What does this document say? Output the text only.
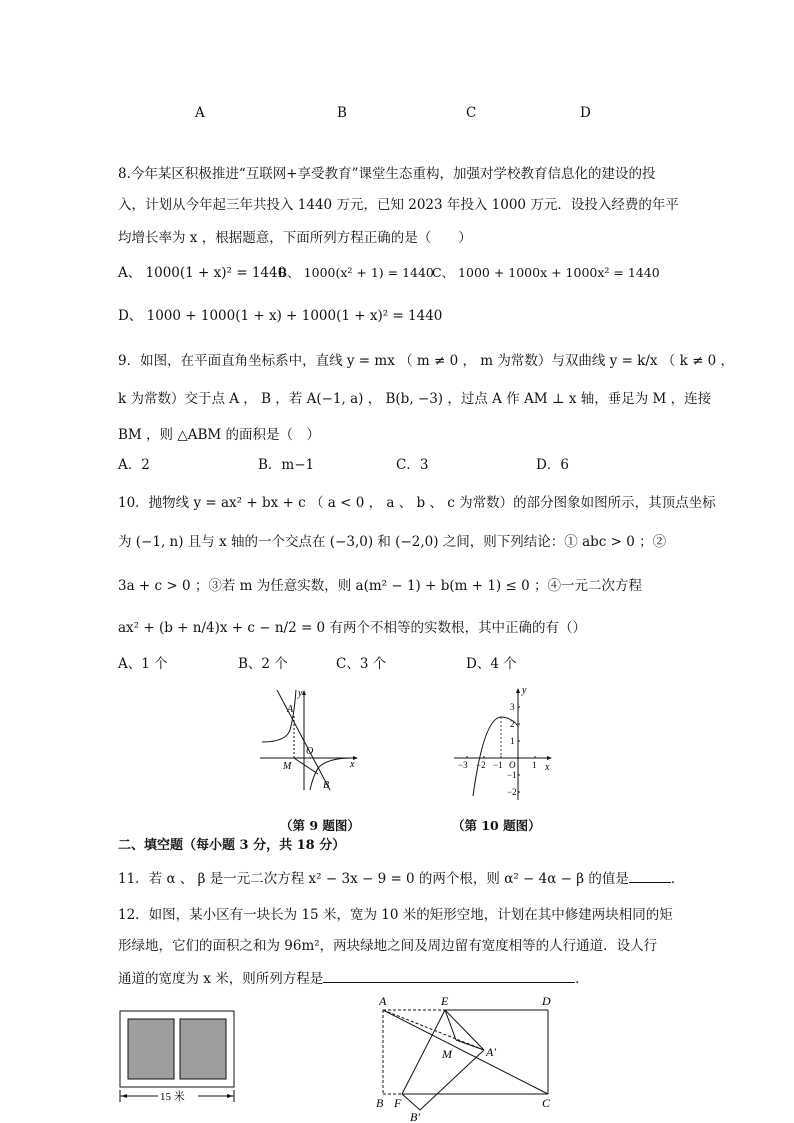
A	B	C	D
8.今年某区积极推进“互联网+享受教育”课堂生态重构，加强对学校教育信息化的建设的投
入，计划从今年起三年共投入 1440 万元，已知 2023 年投入 1000 万元．设投入经费的年平
均增长率为 x ，根据题意，下面所列方程正确的是（　　）
A、 1000(1 + x)² = 1440
B、 1000(x² + 1) = 1440
C、 1000 + 1000x + 1000x² = 1440
D、 1000 + 1000(1 + x) + 1000(1 + x)² = 1440
9．如图，在平面直角坐标系中，直线 y = mx （ m ≠ 0 ， m 为常数）与双曲线 y = k/x （ k ≠ 0 ，
k 为常数）交于点 A ， B ，若 A(−1, a) ， B(b, −3) ，过点 A 作 AM ⊥ x 轴，垂足为 M ，连接
BM ，则 △ABM 的面积是（　）
A．2	B．m−1	C．3	D．6
10．抛物线 y = ax² + bx + c （ a < 0 ， a 、 b 、 c 为常数）的部分图象如图所示，其顶点坐标
为 (−1, n) 且与 x 轴的一个交点在 (−3,0) 和 (−2,0) 之间，则下列结论：① abc > 0 ；②
3a + c > 0 ；③若 m 为任意实数，则 a(m² − 1) + b(m + 1) ≤ 0 ；④一元二次方程
ax² + (b + n/4)x + c − n/2 = 0 有两个不相等的实数根，其中正确的有（）
A、1 个	B、2 个	C、3 个	D、4 个
y
x
A
O
M
B
（第 9 题图）
y
x
−3 −2 −1 O 1
3
2
1
−1
−2
（第 10 题图）
二、填空题（每小题 3 分，共 18 分）
11．若 α 、 β 是一元二次方程 x² − 3x − 9 = 0 的两个根，则 α² − 4α − β 的值是	．
12．如图，某小区有一块长为 15 米，宽为 10 米的矩形空地，计划在其中修建两块相同的矩
形绿地，它们的面积之和为 96m²，两块绿地之间及周边留有宽度相等的人行通道．设人行
通道的宽度为 x 米，则所列方程是	．
15 米
A	E	D
M	A′
B F	C
B′
